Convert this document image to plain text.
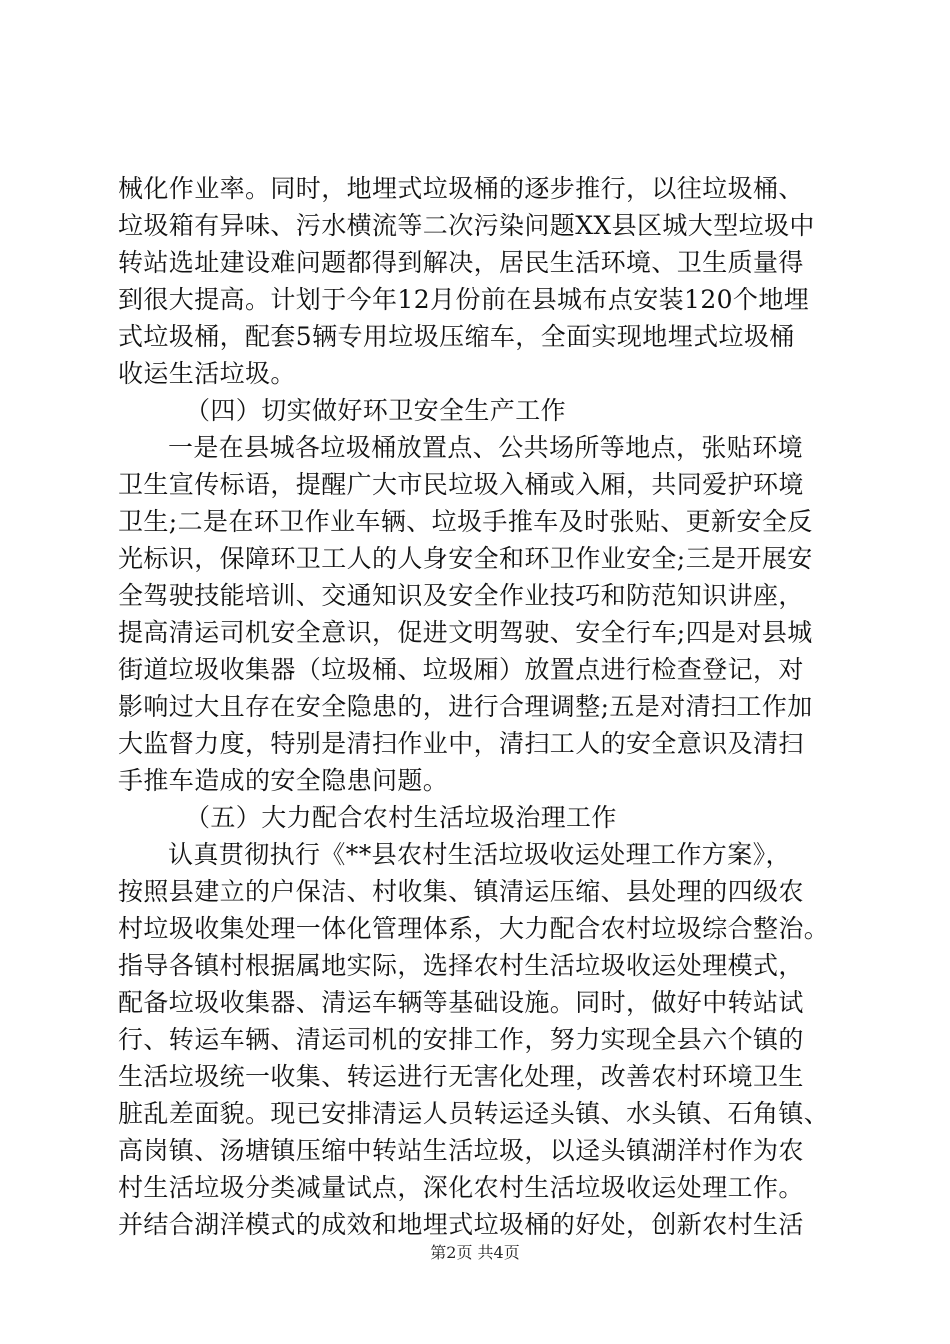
械化作业率。同时，地埋式垃圾桶的逐步推行，以往垃圾桶、
垃圾箱有异味、污水横流等二次污染问题XX县区城大型垃圾中
转站选址建设难问题都得到解决，居民生活环境、卫生质量得
到很大提高。计划于今年12月份前在县城布点安装120个地埋
式垃圾桶，配套5辆专用垃圾压缩车，全面实现地埋式垃圾桶
收运生活垃圾。
（四）切实做好环卫安全生产工作
一是在县城各垃圾桶放置点、公共场所等地点，张贴环境
卫生宣传标语，提醒广大市民垃圾入桶或入厢，共同爱护环境
卫生;二是在环卫作业车辆、垃圾手推车及时张贴、更新安全反
光标识，保障环卫工人的人身安全和环卫作业安全;三是开展安
全驾驶技能培训、交通知识及安全作业技巧和防范知识讲座，
提高清运司机安全意识，促进文明驾驶、安全行车;四是对县城
街道垃圾收集器（垃圾桶、垃圾厢）放置点进行检查登记，对
影响过大且存在安全隐患的，进行合理调整;五是对清扫工作加
大监督力度，特别是清扫作业中，清扫工人的安全意识及清扫
手推车造成的安全隐患问题。
（五）大力配合农村生活垃圾治理工作
认真贯彻执行《**县农村生活垃圾收运处理工作方案》，
按照县建立的户保洁、村收集、镇清运压缩、县处理的四级农
村垃圾收集处理一体化管理体系，大力配合农村垃圾综合整治。
指导各镇村根据属地实际，选择农村生活垃圾收运处理模式，
配备垃圾收集器、清运车辆等基础设施。同时，做好中转站试
行、转运车辆、清运司机的安排工作，努力实现全县六个镇的
生活垃圾统一收集、转运进行无害化处理，改善农村环境卫生
脏乱差面貌。现已安排清运人员转运迳头镇、水头镇、石角镇、
高岗镇、汤塘镇压缩中转站生活垃圾，以迳头镇湖洋村作为农
村生活垃圾分类减量试点，深化农村生活垃圾收运处理工作。
并结合湖洋模式的成效和地埋式垃圾桶的好处，创新农村生活
第2页 共4页
